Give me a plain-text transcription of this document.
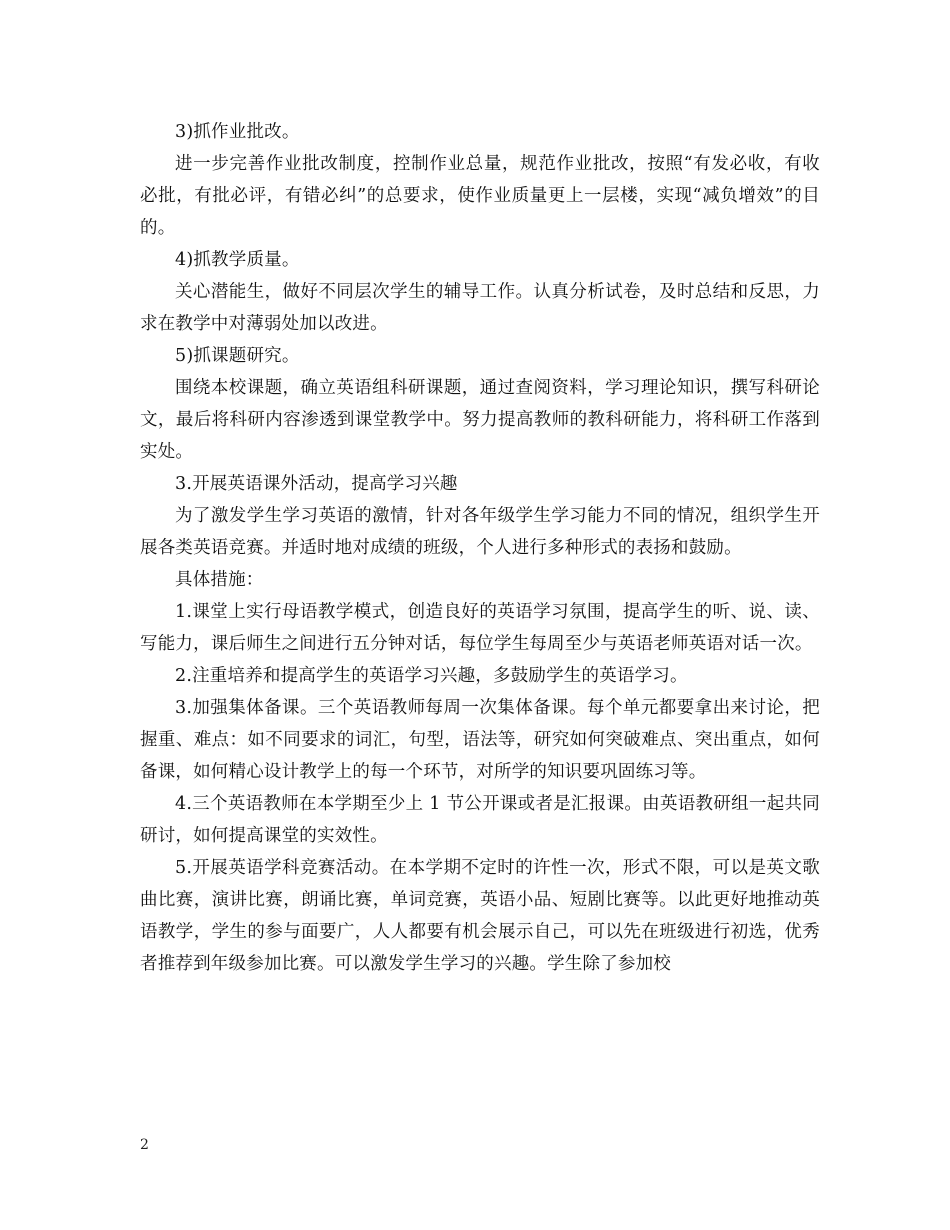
3)抓作业批改。

进一步完善作业批改制度，控制作业总量，规范作业批改，按照“有发必收，有收必批，有批必评，有错必纠”的总要求，使作业质量更上一层楼，实现“减负增效”的目的。

4)抓教学质量。

关心潜能生，做好不同层次学生的辅导工作。认真分析试卷，及时总结和反思，力求在教学中对薄弱处加以改进。

5)抓课题研究。

围绕本校课题，确立英语组科研课题，通过查阅资料，学习理论知识，撰写科研论文，最后将科研内容渗透到课堂教学中。努力提高教师的教科研能力，将科研工作落到实处。

3.开展英语课外活动，提高学习兴趣

为了激发学生学习英语的激情，针对各年级学生学习能力不同的情况，组织学生开展各类英语竞赛。并适时地对成绩的班级，个人进行多种形式的表扬和鼓励。

具体措施：

1.课堂上实行母语教学模式，创造良好的英语学习氛围，提高学生的听、说、读、写能力，课后师生之间进行五分钟对话，每位学生每周至少与英语老师英语对话一次。

2.注重培养和提高学生的英语学习兴趣，多鼓励学生的英语学习。

3.加强集体备课。三个英语教师每周一次集体备课。每个单元都要拿出来讨论，把握重、难点：如不同要求的词汇，句型，语法等，研究如何突破难点、突出重点，如何备课，如何精心设计教学上的每一个环节，对所学的知识要巩固练习等。

4.三个英语教师在本学期至少上 1 节公开课或者是汇报课。由英语教研组一起共同研讨，如何提高课堂的实效性。

5.开展英语学科竞赛活动。在本学期不定时的许性一次，形式不限，可以是英文歌曲比赛，演讲比赛，朗诵比赛，单词竞赛，英语小品、短剧比赛等。以此更好地推动英语教学，学生的参与面要广，人人都要有机会展示自己，可以先在班级进行初选，优秀者推荐到年级参加比赛。可以激发学生学习的兴趣。学生除了参加校

2
